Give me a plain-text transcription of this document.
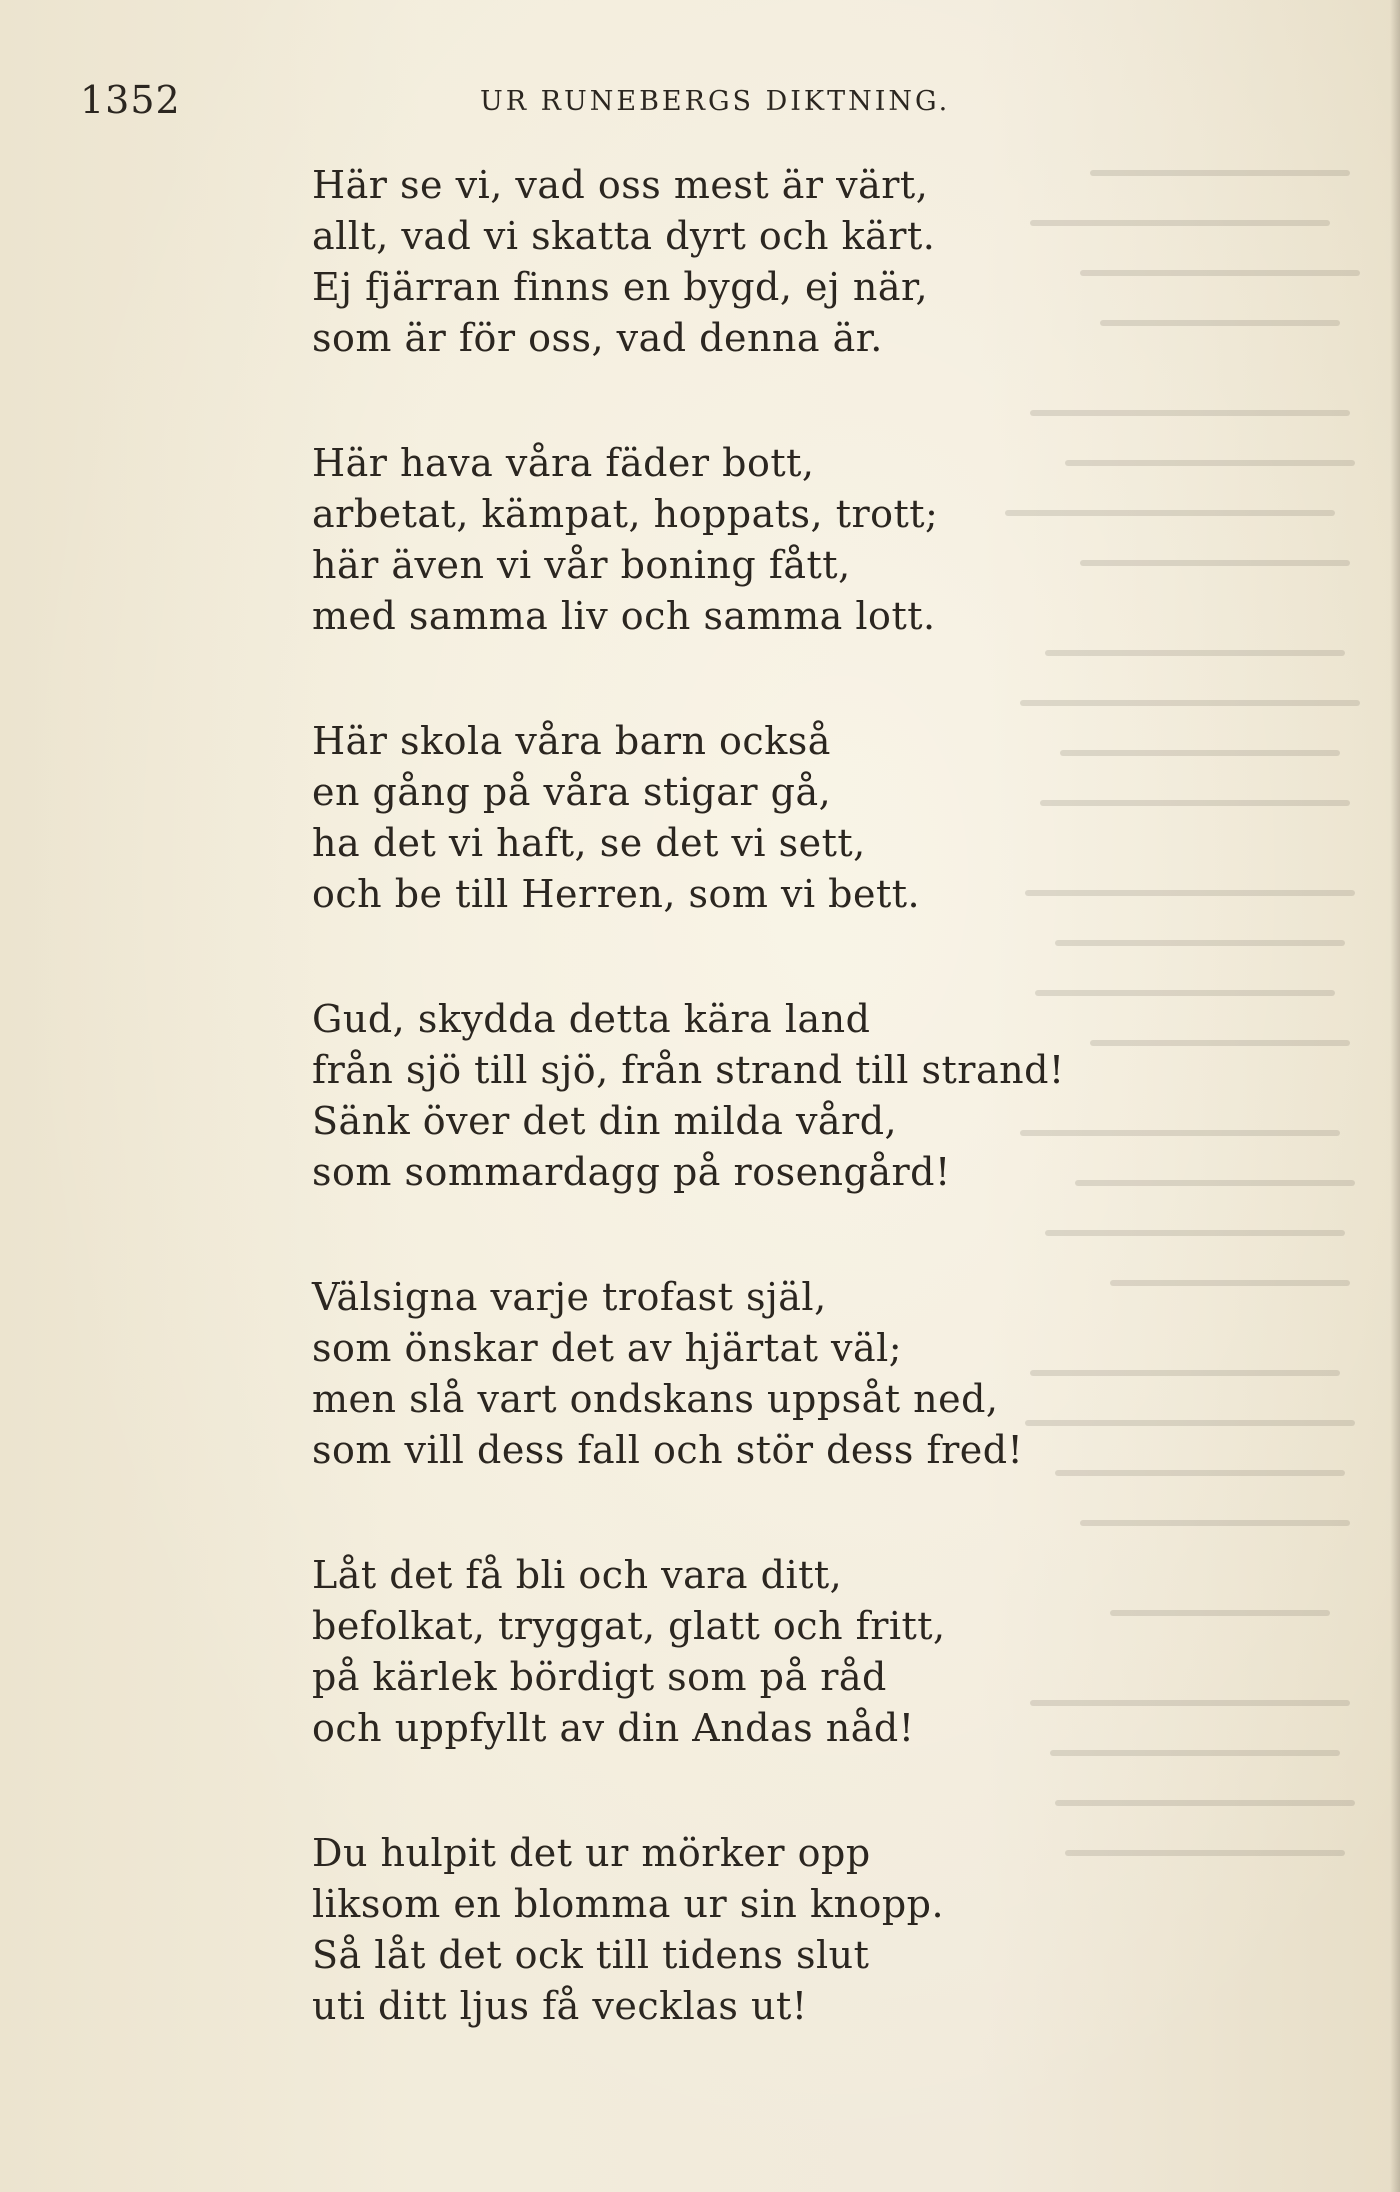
1352	UR RUNEBERGS DIKTNING.
Här se vi, vad oss mest är värt,
allt, vad vi skatta dyrt och kärt.
Ej fjärran finns en bygd, ej när,
som är för oss, vad denna är.
Här hava våra fäder bott,
arbetat, kämpat, hoppats, trott;
här även vi vår boning fått,
med samma liv och samma lott.
Här skola våra barn också
en gång på våra stigar gå,
ha det vi haft, se det vi sett,
och be till Herren, som vi bett.
Gud, skydda detta kära land
från sjö till sjö, från strand till strand!
Sänk över det din milda vård,
som sommardagg på rosengård!
Välsigna varje trofast själ,
som önskar det av hjärtat väl;
men slå vart ondskans uppsåt ned,
som vill dess fall och stör dess fred!
Låt det få bli och vara ditt,
befolkat, tryggat, glatt och fritt,
på kärlek bördigt som på råd
och uppfyllt av din Andas nåd!
Du hulpit det ur mörker opp
liksom en blomma ur sin knopp.
Så låt det ock till tidens slut
uti ditt ljus få vecklas ut!
